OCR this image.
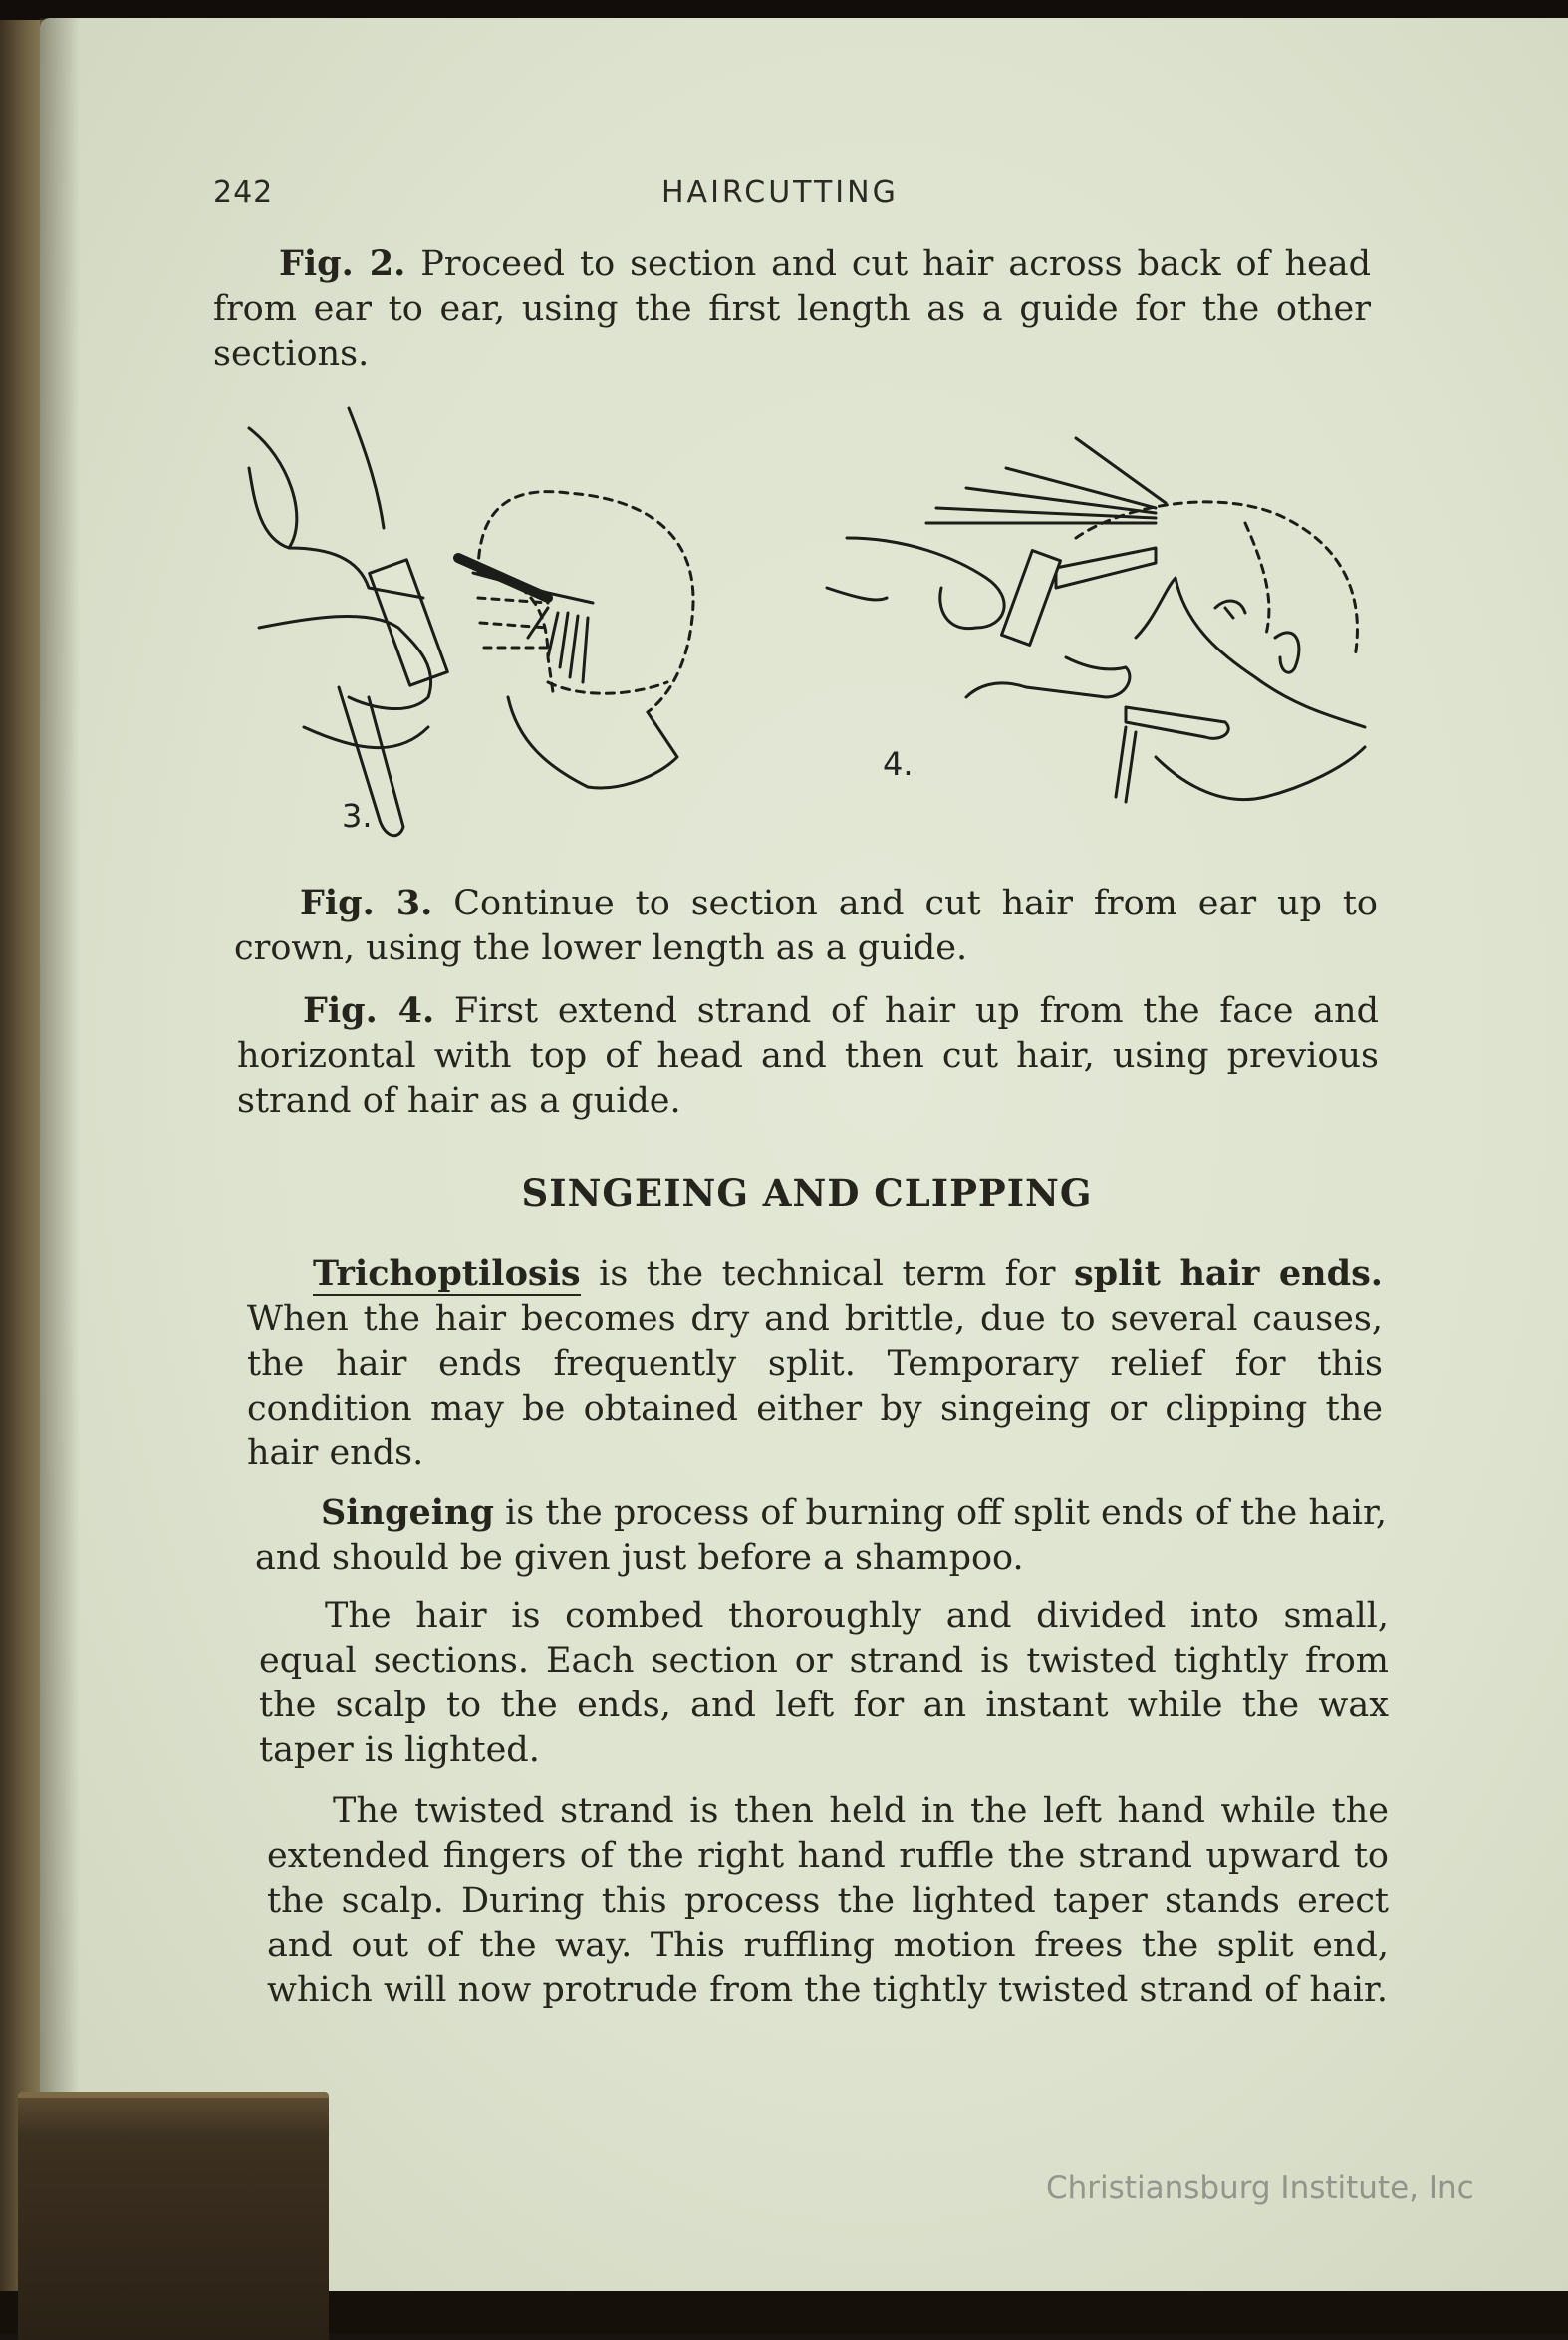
242	HAIRCUTTING

Fig. 2. Proceed to section and cut hair across back of head from ear to ear, using the first length as a guide for the other sections.

3.
4.

Fig. 3. Continue to section and cut hair from ear up to crown, using the lower length as a guide.

Fig. 4. First extend strand of hair up from the face and horizontal with top of head and then cut hair, using previous strand of hair as a guide.

SINGEING AND CLIPPING

Trichoptilosis is the technical term for split hair ends. When the hair becomes dry and brittle, due to several causes, the hair ends frequently split. Temporary relief for this condition may be obtained either by singeing or clipping the hair ends.

Singeing is the process of burning off split ends of the hair, and should be given just before a shampoo.

The hair is combed thoroughly and divided into small, equal sections. Each section or strand is twisted tightly from the scalp to the ends, and left for an instant while the wax taper is lighted.

The twisted strand is then held in the left hand while the extended fingers of the right hand ruffle the strand upward to the scalp. During this process the lighted taper stands erect and out of the way. This ruffling motion frees the split end, which will now protrude from the tightly twisted strand of hair.

Christiansburg Institute, Inc
